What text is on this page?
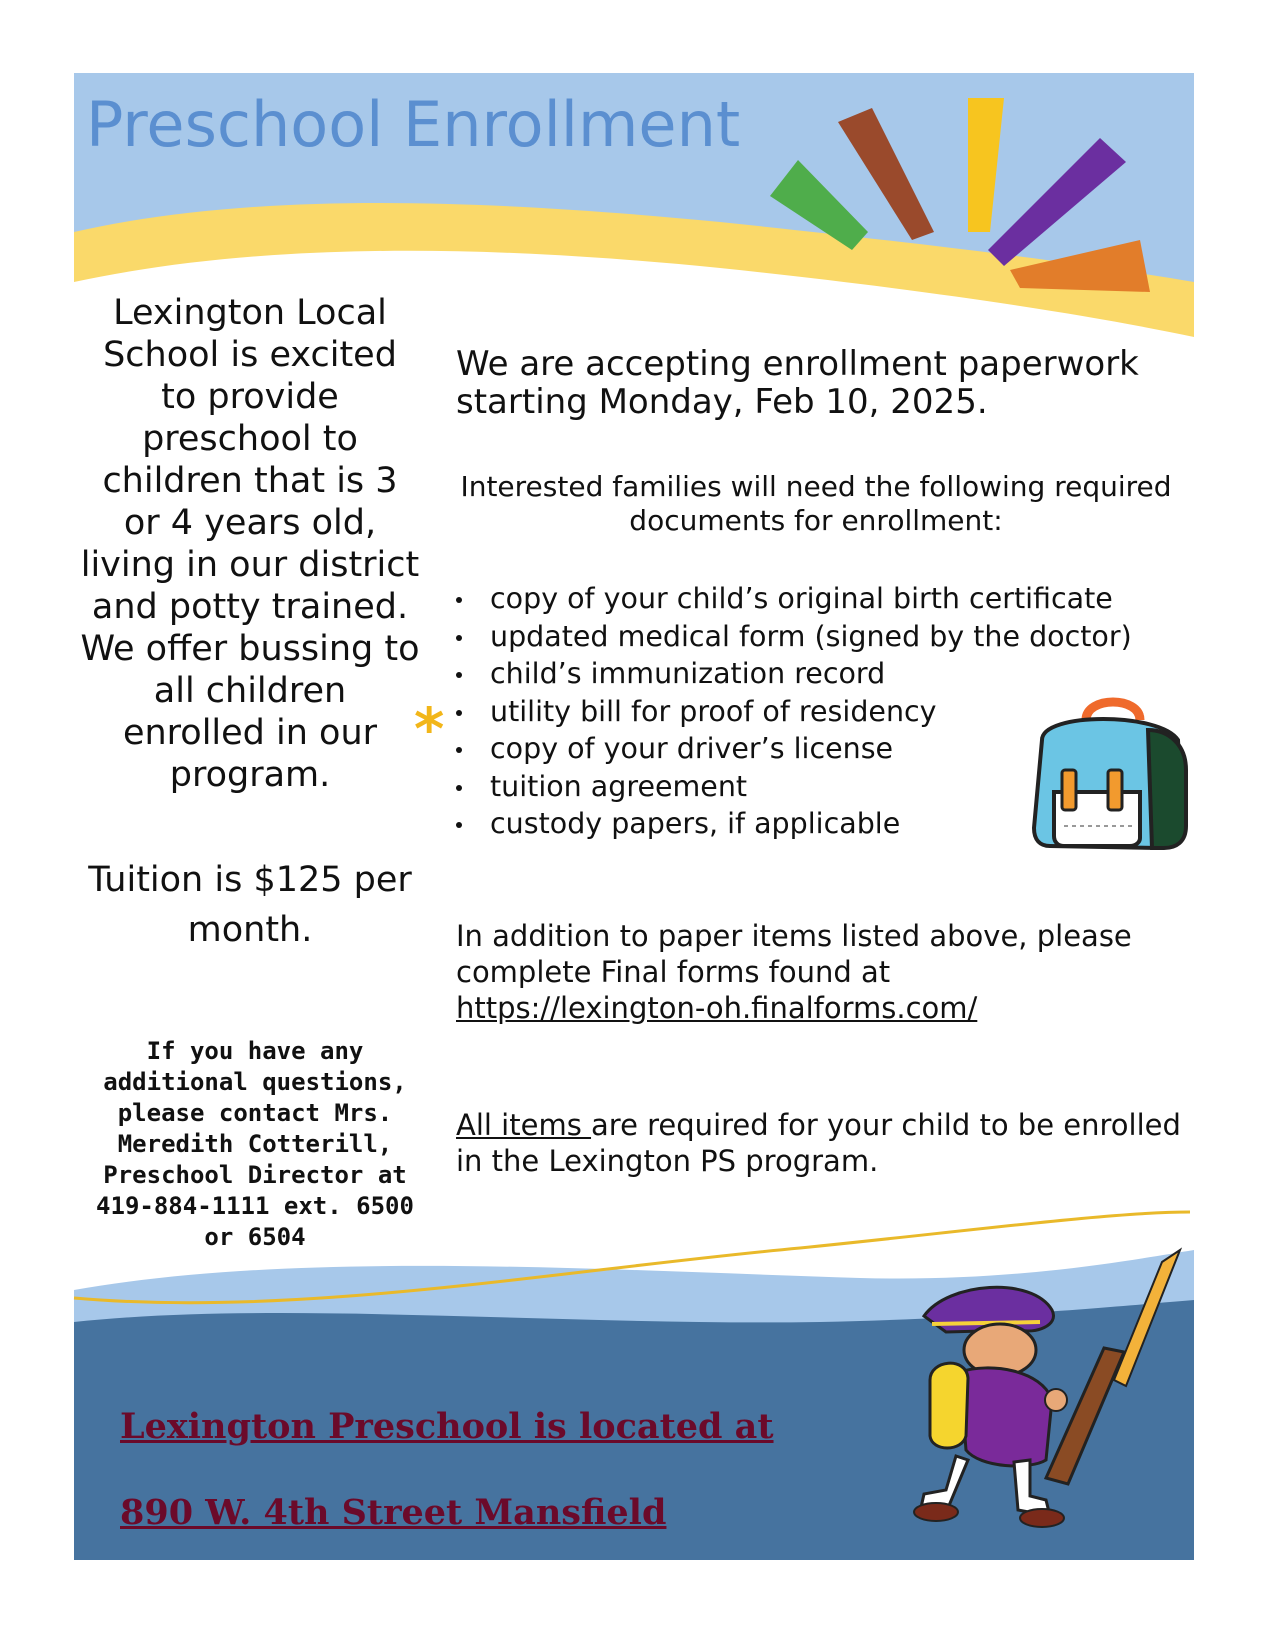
Preschool Enrollment

Lexington Local School is excited to provide preschool to children that is 3 or 4 years old, living in our district and potty trained. We offer bussing to all children enrolled in our program.

*

Tuition is $125 per month.

If you have any additional questions, please contact Mrs. Meredith Cotterill, Preschool Director at 419-884-1111 ext. 6500 or 6504

We are accepting enrollment paperwork starting Monday, Feb 10, 2025.

Interested families will need the following required documents for enrollment:

copy of your child’s original birth certificate
updated medical form (signed by the doctor)
child’s immunization record
utility bill for proof of residency
copy of your driver’s license
tuition agreement
custody papers, if applicable

In addition to paper items listed above, please complete Final forms found at
https://lexington-oh.finalforms.com/

All items are required for your child to be enrolled in the Lexington PS program.

Lexington Preschool is located at
890 W. 4th Street Mansfield
